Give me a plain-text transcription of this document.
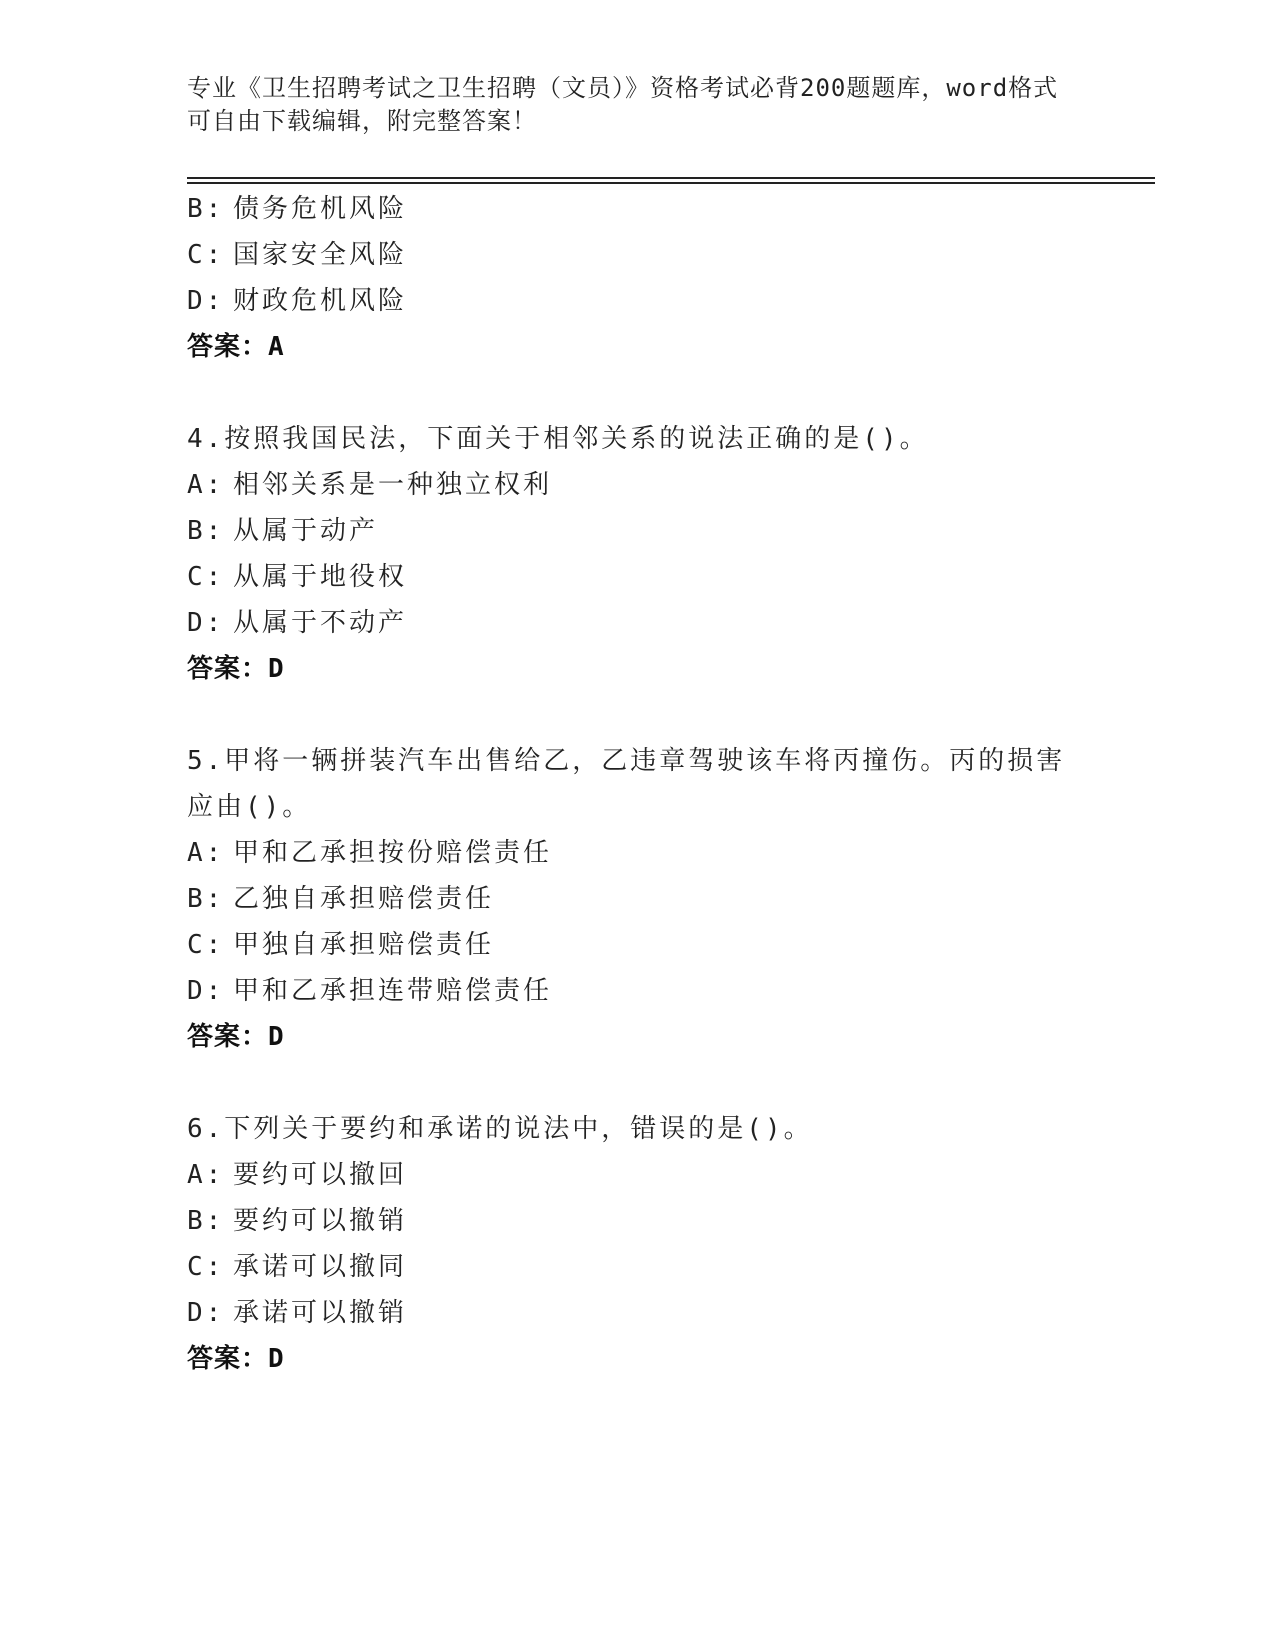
专业《卫生招聘考试之卫生招聘（文员）》资格考试必背200题题库，word格式
可自由下载编辑，附完整答案！
B: 债务危机风险
C: 国家安全风险
D: 财政危机风险
答案：A
4.按照我国民法，下面关于相邻关系的说法正确的是()。
A: 相邻关系是一种独立权利
B: 从属于动产
C: 从属于地役权
D: 从属于不动产
答案：D
5.甲将一辆拼装汽车出售给乙，乙违章驾驶该车将丙撞伤。丙的损害
应由()。
A: 甲和乙承担按份赔偿责任
B: 乙独自承担赔偿责任
C: 甲独自承担赔偿责任
D: 甲和乙承担连带赔偿责任
答案：D
6.下列关于要约和承诺的说法中，错误的是()。
A: 要约可以撤回
B: 要约可以撤销
C: 承诺可以撤同
D: 承诺可以撤销
答案：D
